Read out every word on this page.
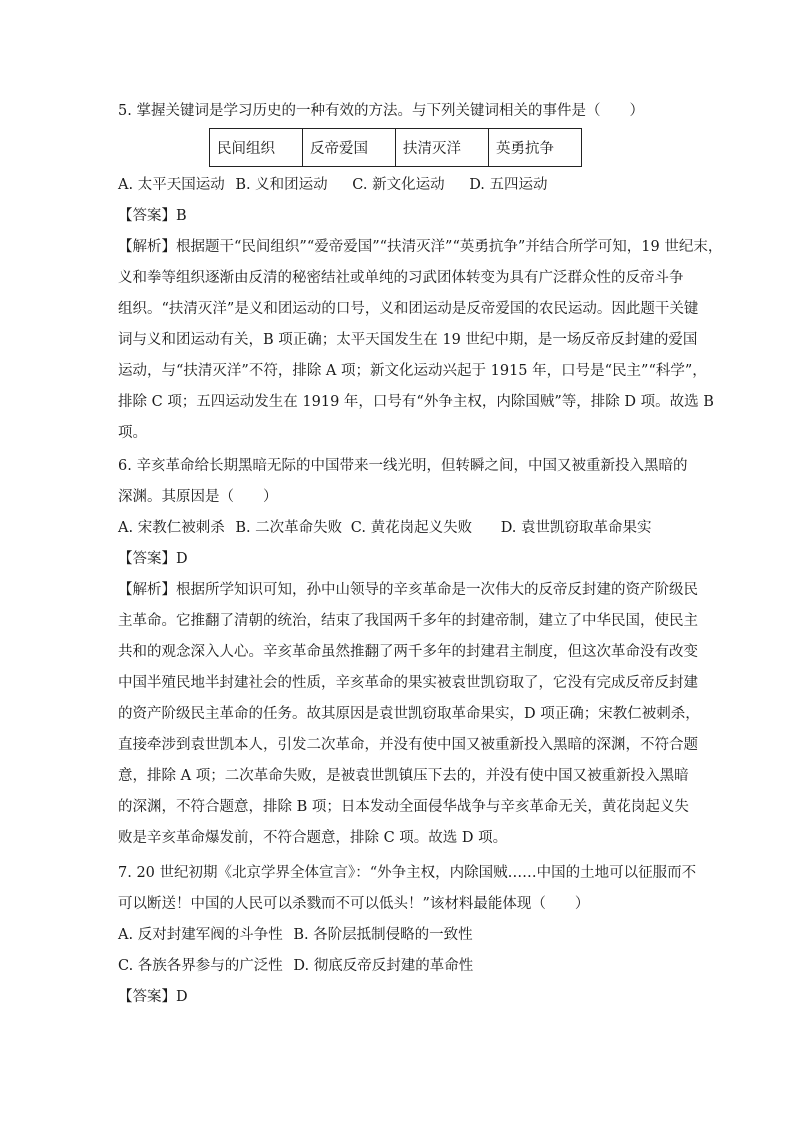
5. 掌握关键词是学习历史的一种有效的方法。与下列关键词相关的事件是（　　）
民间组织	反帝爱国	扶清灭洋	英勇抗争
A. 太平天国运动 B. 义和团运动 C. 新文化运动 D. 五四运动
【答案】B
【解析】根据题干“民间组织”“爱帝爱国”“扶清灭洋”“英勇抗争”并结合所学可知，19 世纪末，
义和拳等组织逐渐由反清的秘密结社或单纯的习武团体转变为具有广泛群众性的反帝斗争
组织。“扶清灭洋”是义和团运动的口号，义和团运动是反帝爱国的农民运动。因此题干关键
词与义和团运动有关，B 项正确；太平天国发生在 19 世纪中期，是一场反帝反封建的爱国
运动，与“扶清灭洋”不符，排除 A 项；新文化运动兴起于 1915 年，口号是“民主”“科学”，
排除 C 项；五四运动发生在 1919 年，口号有“外争主权，内除国贼”等，排除 D 项。故选 B
项。
6. 辛亥革命给长期黑暗无际的中国带来一线光明，但转瞬之间，中国又被重新投入黑暗的
深渊。其原因是（　　）
A. 宋教仁被刺杀 B. 二次革命失败 C. 黄花岗起义失败 D. 袁世凯窃取革命果实
【答案】D
【解析】根据所学知识可知，孙中山领导的辛亥革命是一次伟大的反帝反封建的资产阶级民
主革命。它推翻了清朝的统治，结束了我国两千多年的封建帝制，建立了中华民国，使民主
共和的观念深入人心。辛亥革命虽然推翻了两千多年的封建君主制度，但这次革命没有改变
中国半殖民地半封建社会的性质，辛亥革命的果实被袁世凯窃取了，它没有完成反帝反封建
的资产阶级民主革命的任务。故其原因是袁世凯窃取革命果实，D 项正确；宋教仁被刺杀，
直接牵涉到袁世凯本人，引发二次革命，并没有使中国又被重新投入黑暗的深渊，不符合题
意，排除 A 项；二次革命失败，是被袁世凯镇压下去的，并没有使中国又被重新投入黑暗
的深渊，不符合题意，排除 B 项；日本发动全面侵华战争与辛亥革命无关，黄花岗起义失
败是辛亥革命爆发前，不符合题意，排除 C 项。故选 D 项。
7. 20 世纪初期《北京学界全体宣言》：“外争主权，内除国贼……中国的土地可以征服而不
可以断送！中国的人民可以杀戮而不可以低头！”该材料最能体现（　　）
A. 反对封建军阀的斗争性 B. 各阶层抵制侵略的一致性
C. 各族各界参与的广泛性 D. 彻底反帝反封建的革命性
【答案】D
